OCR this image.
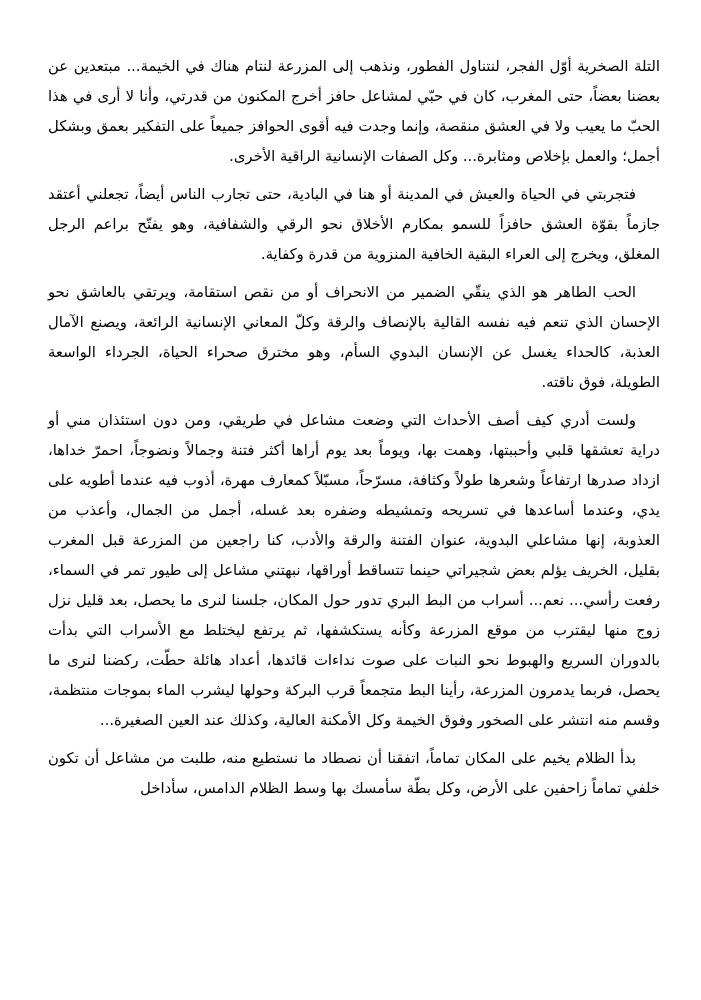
التلة الصخرية أوّل الفجر، لنتناول الفطور، ونذهب إلى المزرعة لنتام هناك في الخيمة... مبتعدين عن بعضنا بعضاً، حتى المغرب، كان في حبّي لمشاعل حافز أخرج المكنون من قدرتي، وأنا لا أرى في هذا الحبّ ما يعيب ولا في العشق منقصة، وإنما وجدت فيه أقوى الحوافز جميعاً على التفكير بعمق وبشكل أجمل؛ والعمل بإخلاص ومثابرة... وكل الصفات الإنسانية الراقية الأخرى.

فتجربتي في الحياة والعيش في المدينة أو هنا في البادية، حتى تجارب الناس أيضاً، تجعلني أعتقد جازماً بقوّة العشق حافزاً للسمو بمكارم الأخلاق نحو الرقي والشفافية، وهو يفتّح براعم الرجل المغلق، ويخرج إلى العراء البقية الخافية المنزوية من قدرة وكفاية.

الحب الطاهر هو الذي ينقّي الضمير من الانحراف أو من نقص استقامة، ويرتقي بالعاشق نحو الإحسان الذي تنعم فيه نفسه القالية بالإنصاف والرقة وكلّ المعاني الإنسانية الرائعة، ويصنع الآمال العذبة، كالحداء يغسل عن الإنسان البدوي السأم، وهو مخترق صحراء الحياة، الجرداء الواسعة الطويلة، فوق ناقته.

ولست أدري كيف أصف الأحداث التي وضعت مشاعل في طريقي، ومن دون استئذان مني أو دراية تعشقها قلبي وأحببتها، وهمت بها، ويوماً بعد يوم أراها أكثر فتنة وجمالاً ونضوجاً، احمرّ خداها، ازداد صدرها ارتفاعاً وشعرها طولاً وكثافة، مسرّحاً، مسبّلاً كمعارف مهرة، أذوب فيه عندما أطويه على يدي، وعندما أساعدها في تسريحه وتمشيطه وضفره بعد غسله، أجمل من الجمال، وأعذب من العذوبة، إنها مشاعلي البدوية، عنوان الفتنة والرقة والأدب، كنا راجعين من المزرعة قبل المغرب بقليل، الخريف يؤلم بعض شجيراتي حينما تتساقط أوراقها، نبهتني مشاعل إلى طيور تمر في السماء، رفعت رأسي... نعم... أسراب من البط البري تدور حول المكان، جلسنا لنرى ما يحصل، بعد قليل نزل زوج منها ليقترب من موقع المزرعة وكأنه يستكشفها، ثم يرتفع ليختلط مع الأسراب التي بدأت بالدوران السريع والهبوط نحو النبات على صوت نداءات قائدها، أعداد هائلة حطّت، ركضنا لنرى ما يحصل، فربما يدمرون المزرعة، رأينا البط متجمعاً قرب البركة وحولها ليشرب الماء بموجات منتظمة، وقسم منه انتشر على الصخور وفوق الخيمة وكل الأمكنة العالية، وكذلك عند العين الصغيرة...

بدأ الظلام يخيم على المكان تماماً، اتفقنا أن نصطاد ما نستطيع منه، طلبت من مشاعل أن تكون خلفي تماماً زاحفين على الأرض، وكل بطّة سأمسك بها وسط الظلام الدامس، سأداخل
